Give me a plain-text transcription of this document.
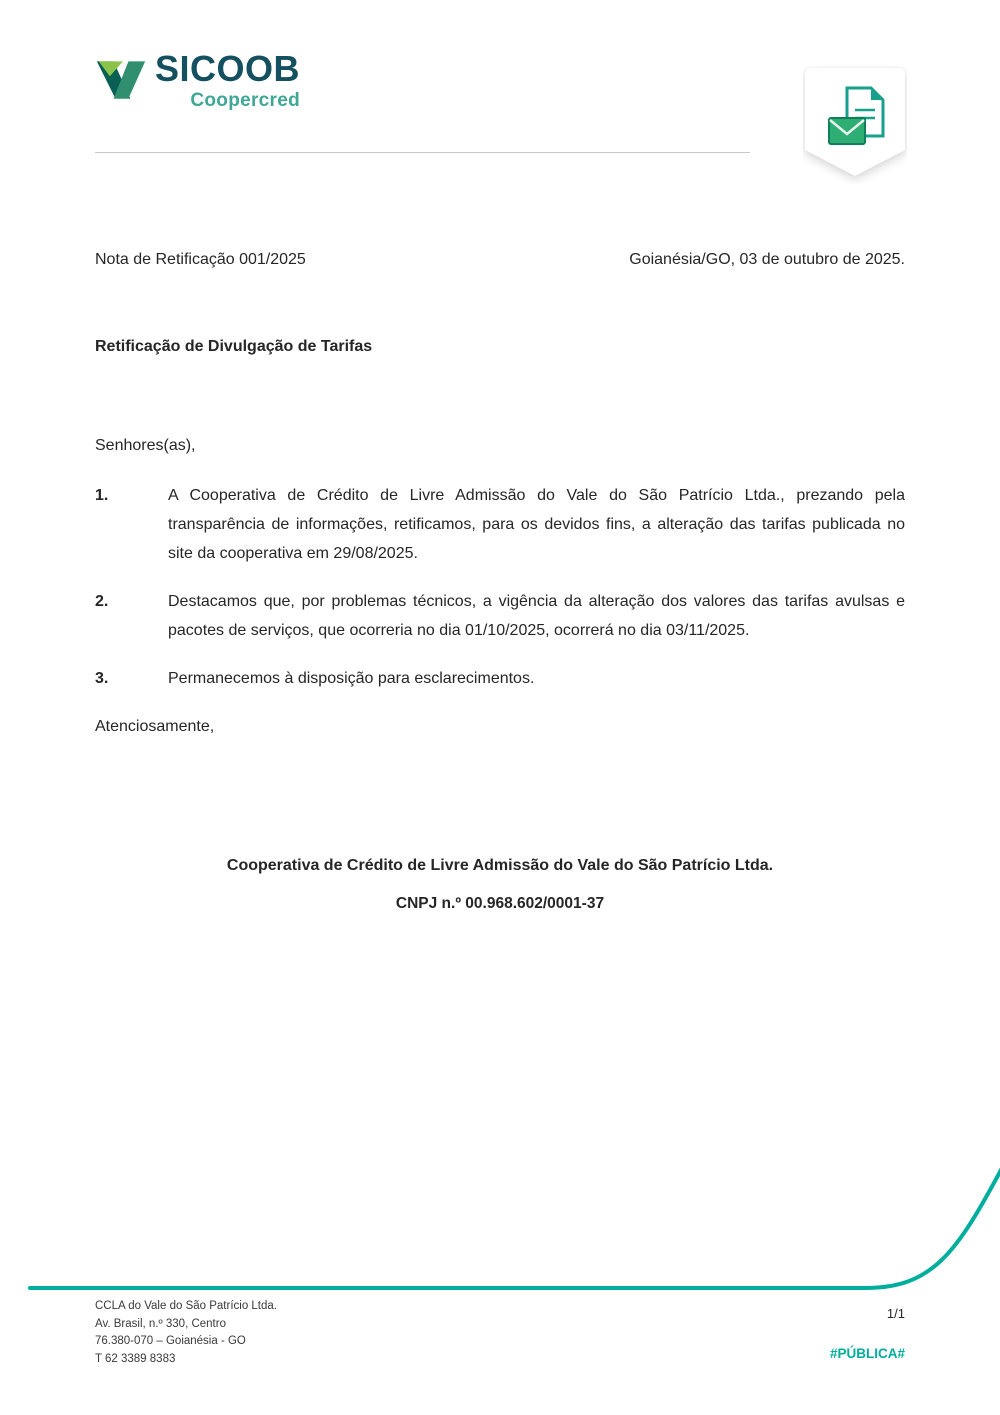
SICOOB
Coopercred
Nota de Retificação 001/2025	Goianésia/GO, 03 de outubro de 2025.
Retificação de Divulgação de Tarifas

Senhores(as),

1.	A Cooperativa de Crédito de Livre Admissão do Vale do São Patrício Ltda., prezando pela transparência de informações, retificamos, para os devidos fins, a alteração das tarifas publicada no site da cooperativa em 29/08/2025.
2.	Destacamos que, por problemas técnicos, a vigência da alteração dos valores das tarifas avulsas e pacotes de serviços, que ocorreria no dia 01/10/2025, ocorrerá no dia 03/11/2025.
3.	Permanecemos à disposição para esclarecimentos.

Atenciosamente,

Cooperativa de Crédito de Livre Admissão do Vale do São Patrício Ltda.

CNPJ n.º 00.968.602/0001-37

CCLA do Vale do São Patrício Ltda.
Av. Brasil, n.º 330, Centro
76.380-070 – Goianésia - GO
T 62 3389 8383
1/1
#PÚBLICA#
